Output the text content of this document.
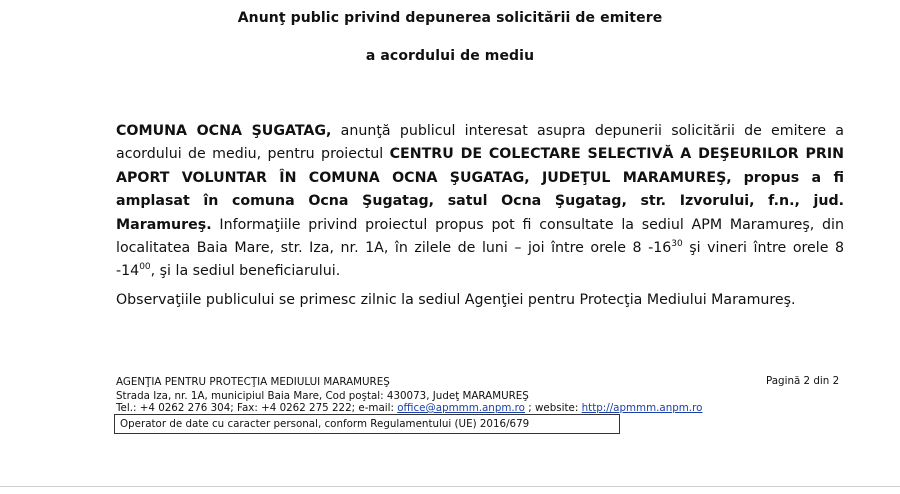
Anunţ public privind depunerea solicitării de emitere
a acordului de mediu

COMUNA OCNA ŞUGATAG, anunţă publicul interesat asupra depunerii solicitării de emitere a acordului de mediu, pentru proiectul CENTRU DE COLECTARE SELECTIVĂ A DEŞEURILOR PRIN APORT VOLUNTAR ÎN COMUNA OCNA ŞUGATAG, JUDEŢUL MARAMUREŞ, propus a fi amplasat în comuna Ocna Şugatag, satul Ocna Şugatag, str. Izvorului, f.n., jud. Maramureş. Informaţiile privind proiectul propus pot fi consultate la sediul APM Maramureş, din localitatea Baia Mare, str. Iza, nr. 1A, în zilele de luni – joi între orele 8 $-16^{30}$ şi vineri între orele 8 $-14^{00}$, şi la sediul beneficiarului.

Observaţiile publicului se primesc zilnic la sediul Agenţiei pentru Protecţia Mediului Maramureş.
AGENŢIA PENTRU PROTECŢIA MEDIULUI MARAMUREŞ	Pagină 2 din 2
Strada Iza, nr. 1A, municipiul Baia Mare, Cod poştal: 430073, Judeţ MARAMUREŞ
Tel.: +4 0262 276 304; Fax: +4 0262 275 222; e-mail: office@apmmm.anpm.ro ; website: http://apmmm.anpm.ro
Operator de date cu caracter personal, conform Regulamentului (UE) 2016/679
